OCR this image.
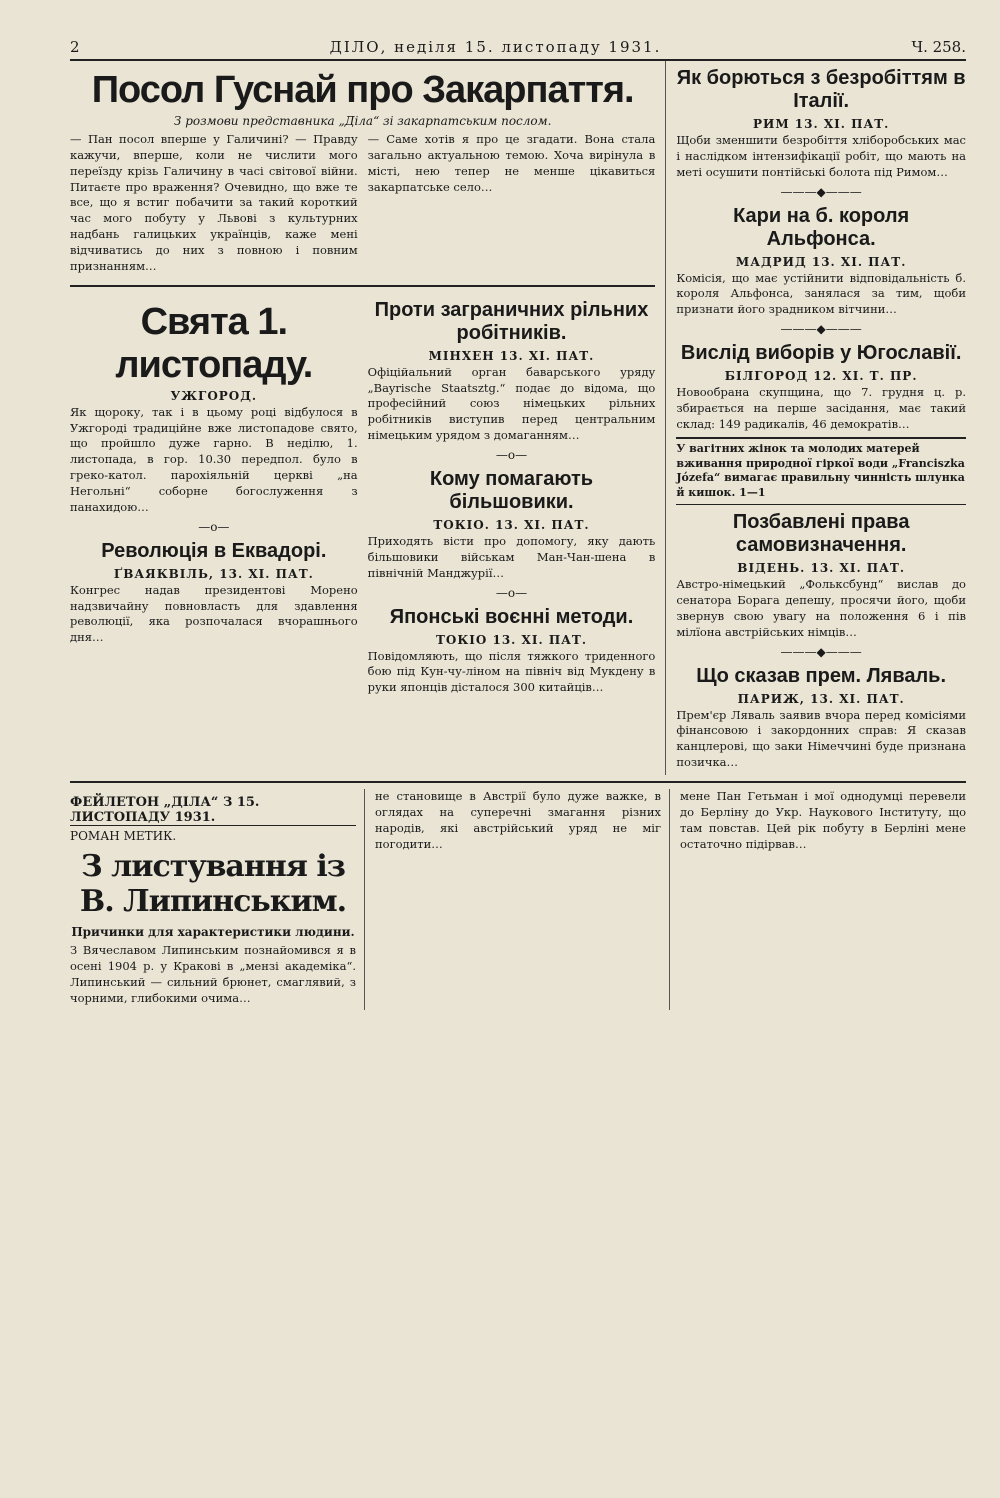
2	ДІЛО, неділя 15. листопаду 1931.	Ч. 258.
Посол Гуснай про Закарпаття.
З розмови представника „Діла“ зі закарпатським послом.

— Пан посол вперше у Галичині? — Правду кажучи, вперше, коли не числити мого переїзду крізь Галичину в часі світової війни. Питаєте про враження? Очевидно, що вже те все, що я встиг побачити за такий короткий час мого побуту у Львові з культурних надбань галицьких українців, каже мені відчиватись до них з повною і повним признанням…

— Саме хотів я про це згадати. Вона стала загально актуальною темою. Хоча вирінула в місті, нею тепер не менше цікавиться закарпатське село…

Свята 1. листопаду.
УЖГОРОД.

Як щороку, так і в цьому році відбулося в Ужгороді традиційне вже листопадове свято, що пройшло дуже гарно. В неділю, 1. листопада, в гор. 10.30 передпол. було в греко-катол. парохіяльній церкві „на Негольні“ соборне богослуження з панахидою…

—o—
Революція в Еквадорі.
ҐВАЯКВІЛЬ, 13. XI. ПАТ.

Конгрес надав президентові Морено надзвичайну повновласть для здавлення революції, яка розпочалася вчорашнього дня…

Проти заграничних рільних робітників.
МІНХЕН 13. XI. ПАТ.

Офіційальний орган баварського уряду „Bayrische Staatsztg.“ подає до відома, що професійний союз німецьких рільних робітників виступив перед центральним німецьким урядом з домаганням…

—o—
Кому помагають більшовики.
ТОКІО. 13. XI. ПАТ.

Приходять вісти про допомогу, яку дають більшовики військам Ман-Чан-шена в північній Манджурії…

—o—
Японські воєнні методи.
ТОКІО 13. XI. ПАТ.

Повідомляють, що після тяжкого триденного бою під Кун-чу-ліном на північ від Мукдену в руки японців дісталося 300 китайців…

Як борються з безробіттям в Італії.
РИМ 13. XI. ПАТ.

Щоби зменшити безробіття хліборобських мас і наслідком інтензифікації робіт, що мають на меті осушити понтійські болота під Римом…

———◆———
Кари на б. короля Альфонса.
МАДРИД 13. XI. ПАТ.

Комісія, що має устійнити відповідальність б. короля Альфонса, занялася за тим, щоби признати його зрадником вітчини…

———◆———
Вислід виборів у Югославії.
БІЛГОРОД 12. XI. Т. ПР.

Новообрана скупщина, що 7. грудня ц. р. збирається на перше засідання, має такий склад: 149 радикалів, 46 демократів…

У вагітних жінок та молодих матерей вживання природної гіркої води „Franciszka Józefa“ вимагає правильну чинність шлунка й кишок. 1—1
Позбавлені права самовизначення.
ВІДЕНЬ. 13. XI. ПАТ.

Австро-німецький „Фольксбунд“ вислав до сенатора Борага депешу, просячи його, щоби звернув свою увагу на положення 6 і пів мілїона австрійських німців…

———◆———
Що сказав прем. Ляваль.
ПАРИЖ, 13. XI. ПАТ.

Прем'єр Ляваль заявив вчора перед комісіями фінансовою і закордонних справ: Я сказав канцлерові, що заки Німеччині буде признана позичка…

ФЕЙЛЕТОН „ДІЛА“ З 15. ЛИСТОПАДУ 1931.
РОМАН МЕТИК.
З листування із В. Липинським.
Причинки для характеристики людини.

З Вячеславом Липинським познайомився я в осені 1904 р. у Кракові в „мензі академіка“. Липинський — сильний брюнет, смаглявий, з чорними, глибокими очима…

не становище в Австрії було дуже важке, в оглядах на суперечні змагання різних народів, які австрійський уряд не міг погодити…

мене Пан Гетьман і мої однодумці перевели до Берліну до Укр. Наукового Інституту, що там повстав. Цей рік побуту в Берліні мене остаточно підірвав…
